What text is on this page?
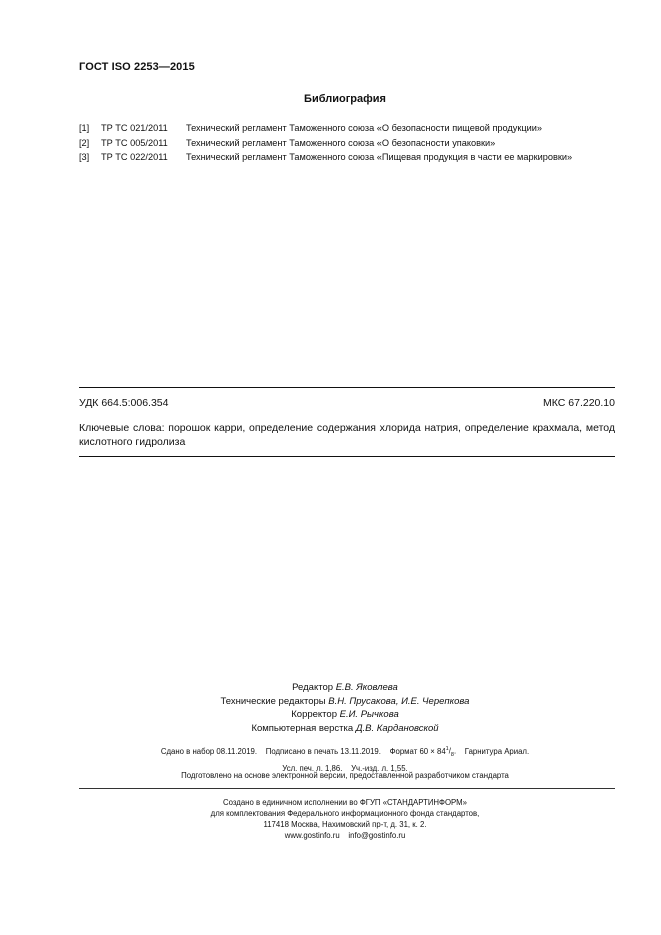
ГОСТ ISO 2253—2015
Библиография
[1]	ТР ТС 021/2011	Технический регламент Таможенного союза «О безопасности пищевой продукции»
[2]	ТР ТС 005/2011	Технический регламент Таможенного союза «О безопасности упаковки»
[3]	ТР ТС 022/2011	Технический регламент Таможенного союза «Пищевая продукция в части ее маркировки»
УДК 664.5:006.354	МКС 67.220.10
Ключевые слова: порошок карри, определение содержания хлорида натрия, определение крахмала, метод кислотного гидролиза
Редактор Е.В. Яковлева
Технические редакторы В.Н. Прусакова, И.Е. Черепкова
Корректор Е.И. Рычкова
Компьютерная верстка Д.В. Кардановской
Сдано в набор 08.11.2019. Подписано в печать 13.11.2019. Формат $60 \times 84^1/_8$.    Гарнитура Ариал.
Усл. печ. л. 1,86. Уч.-изд. л. 1,55.
Подготовлено на основе электронной версии, предоставленной разработчиком стандарта
Создано в единичном исполнении во ФГУП «СТАНДАРТИНФОРМ»
для комплектования Федерального информационного фонда стандартов,
117418 Москва, Нахимовский пр-т, д. 31, к. 2.
www.gostinfo.ru info@gostinfo.ru
